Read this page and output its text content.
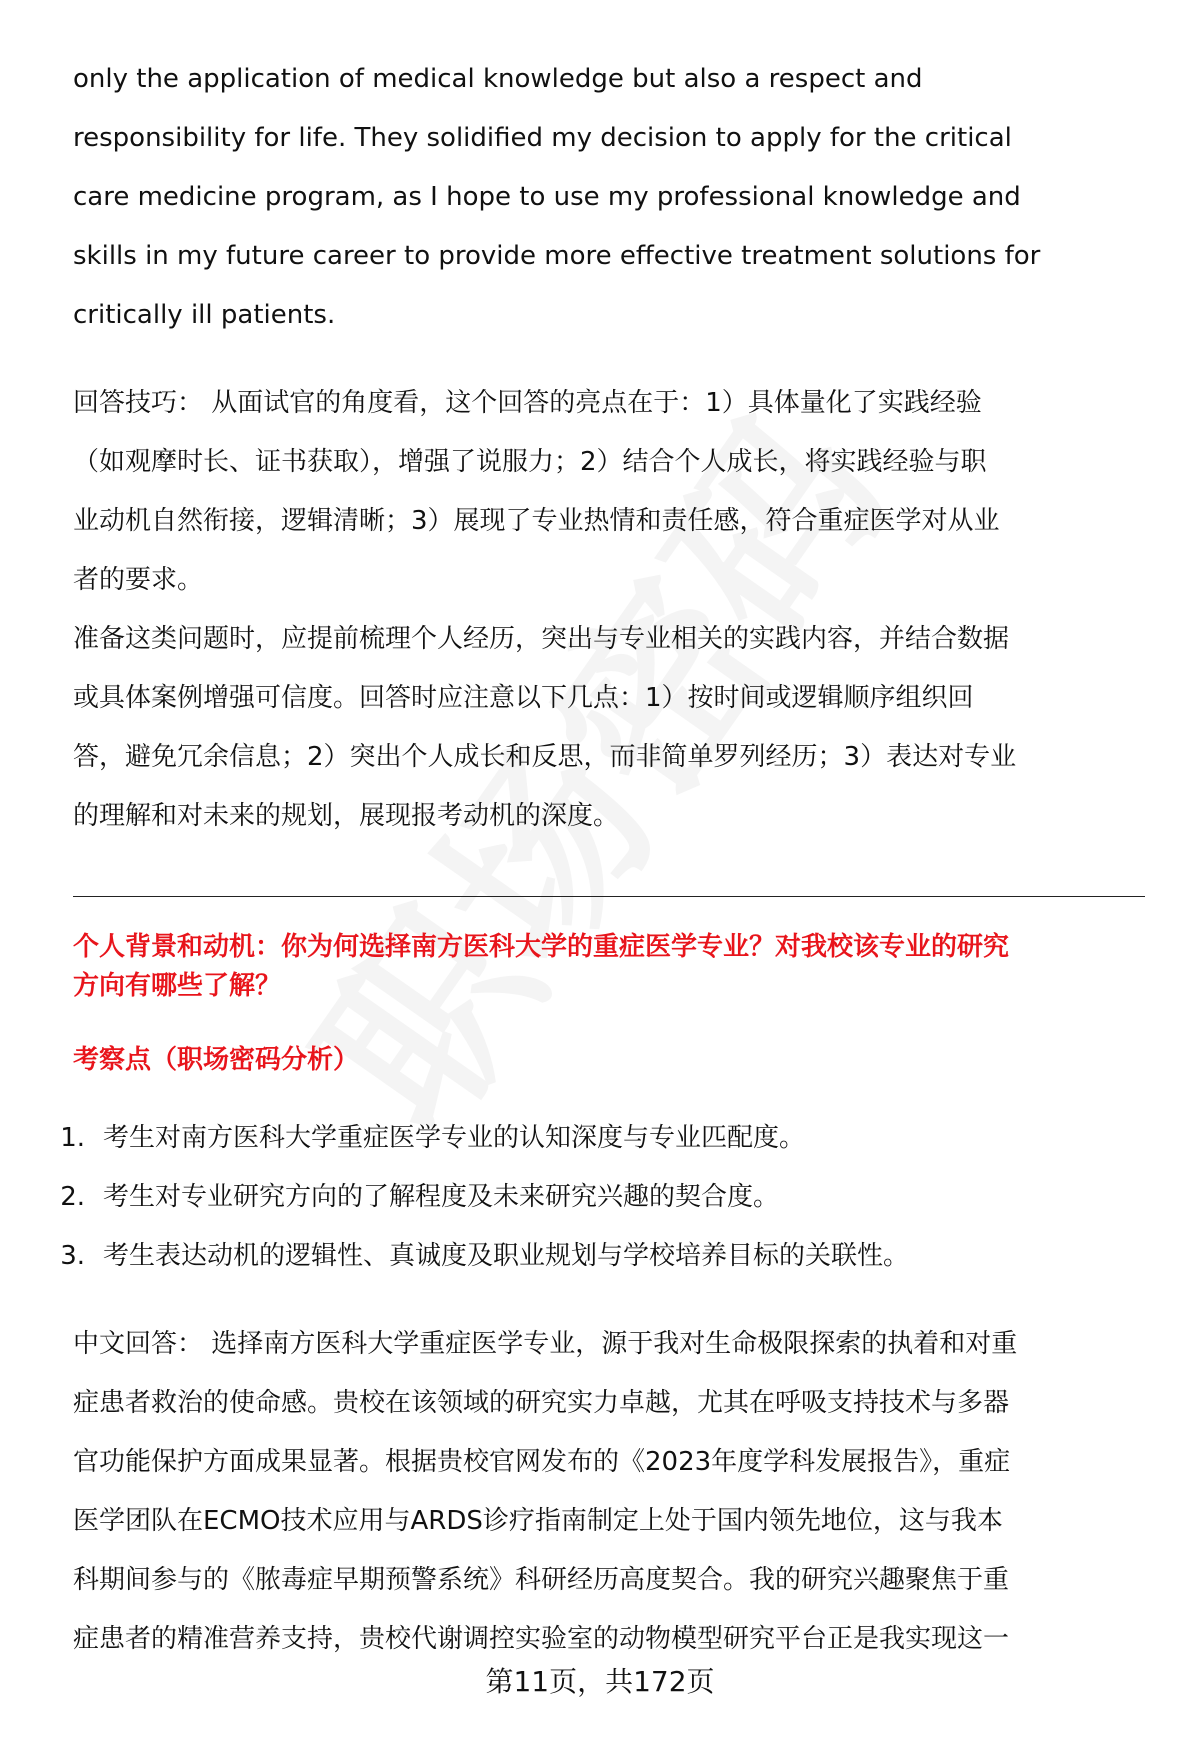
only the application of medical knowledge but also a respect and
responsibility for life. They solidified my decision to apply for the critical
care medicine program, as I hope to use my professional knowledge and
skills in my future career to provide more effective treatment solutions for
critically ill patients.
回答技巧： 从面试官的角度看，这个回答的亮点在于：1）具体量化了实践经验
（如观摩时长、证书获取），增强了说服力；2）结合个人成长，将实践经验与职
业动机自然衔接，逻辑清晰；3）展现了专业热情和责任感，符合重症医学对从业
者的要求。
准备这类问题时，应提前梳理个人经历，突出与专业相关的实践内容，并结合数据
或具体案例增强可信度。回答时应注意以下几点：1）按时间或逻辑顺序组织回
答，避免冗余信息；2）突出个人成长和反思，而非简单罗列经历；3）表达对专业
的理解和对未来的规划，展现报考动机的深度。
个人背景和动机：你为何选择南方医科大学的重症医学专业？对我校该专业的研究
方向有哪些了解？
考察点（职场密码分析）
1. 考生对南方医科大学重症医学专业的认知深度与专业匹配度。
2. 考生对专业研究方向的了解程度及未来研究兴趣的契合度。
3. 考生表达动机的逻辑性、真诚度及职业规划与学校培养目标的关联性。
中文回答： 选择南方医科大学重症医学专业，源于我对生命极限探索的执着和对重
症患者救治的使命感。贵校在该领域的研究实力卓越，尤其在呼吸支持技术与多器
官功能保护方面成果显著。根据贵校官网发布的《2023年度学科发展报告》，重症
医学团队在ECMO技术应用与ARDS诊疗指南制定上处于国内领先地位，这与我本
科期间参与的《脓毒症早期预警系统》科研经历高度契合。我的研究兴趣聚焦于重
症患者的精准营养支持，贵校代谢调控实验室的动物模型研究平台正是我实现这一
第11页，共172页
